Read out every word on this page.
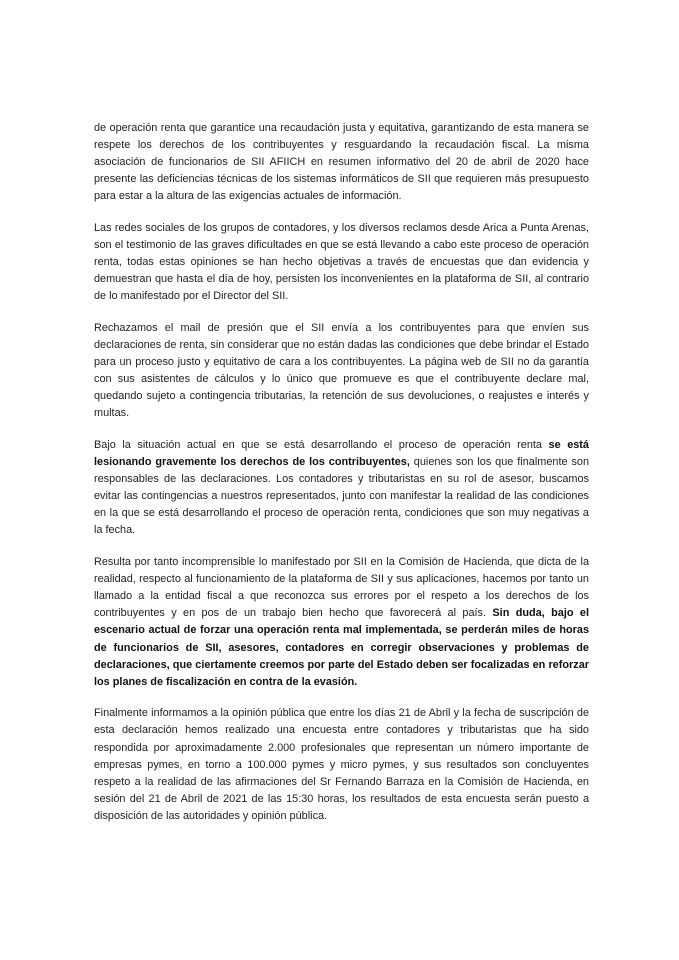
de operación renta que garantice una recaudación justa y equitativa, garantizando de esta manera se respete los derechos de los contribuyentes y resguardando la recaudación fiscal. La misma asociación de funcionarios de SII AFIICH en resumen informativo del 20 de abril de 2020 hace presente las deficiencias técnicas de los sistemas informáticos de SII que requieren más presupuesto para estar a la altura de las exigencias actuales de información.

Las redes sociales de los grupos de contadores, y los diversos reclamos desde Arica a Punta Arenas, son el testimonio de las graves dificultades en que se está llevando a cabo este proceso de operación renta, todas estas opiniones se han hecho objetivas a través de encuestas que dan evidencia y demuestran que hasta el día de hoy, persisten los inconvenientes en la plataforma de SII, al contrario de lo manifestado por el Director del SII.

Rechazamos el mail de presión que el SII envía a los contribuyentes para que envíen sus declaraciones de renta, sin considerar que no están dadas las condiciones que debe brindar el Estado para un proceso justo y equitativo de cara a los contribuyentes. La página web de SII no da garantía con sus asistentes de cálculos y lo único que promueve es que el contribuyente declare mal, quedando sujeto a contingencia tributarias, la retención de sus devoluciones, o reajustes e interés y multas.

Bajo la situación actual en que se está desarrollando el proceso de operación renta se está lesionando gravemente los derechos de los contribuyentes, quienes son los que finalmente son responsables de las declaraciones. Los contadores y tributaristas en su rol de asesor, buscamos evitar las contingencias a nuestros representados, junto con manifestar la realidad de las condiciones en la que se está desarrollando el proceso de operación renta, condiciones que son muy negativas a la fecha.

Resulta por tanto incomprensible lo manifestado por SII en la Comisión de Hacienda, que dicta de la realidad, respecto al funcionamiento de la plataforma de SII y sus aplicaciones, hacemos por tanto un llamado a la entidad fiscal a que reconozca sus errores por el respeto a los derechos de los contribuyentes y en pos de un trabajo bien hecho que favorecerá al país. Sin duda, bajo el escenario actual de forzar una operación renta mal implementada, se perderán miles de horas de funcionarios de SII, asesores, contadores en corregir observaciones y problemas de declaraciones, que ciertamente creemos por parte del Estado deben ser focalizadas en reforzar los planes de fiscalización en contra de la evasión.

Finalmente informamos a la opinión pública que entre los días 21 de Abril y la fecha de suscripción de esta declaración hemos realizado una encuesta entre contadores y tributaristas que ha sido respondida por aproximadamente 2.000 profesionales que representan un número importante de empresas pymes, en torno a 100.000 pymes y micro pymes, y sus resultados son concluyentes respeto a la realidad de las afirmaciones del Sr Fernando Barraza en la Comisión de Hacienda, en sesión del 21 de Abril de 2021 de las 15:30 horas, los resultados de esta encuesta serán puesto a disposición de las autoridades y opinión pública.
